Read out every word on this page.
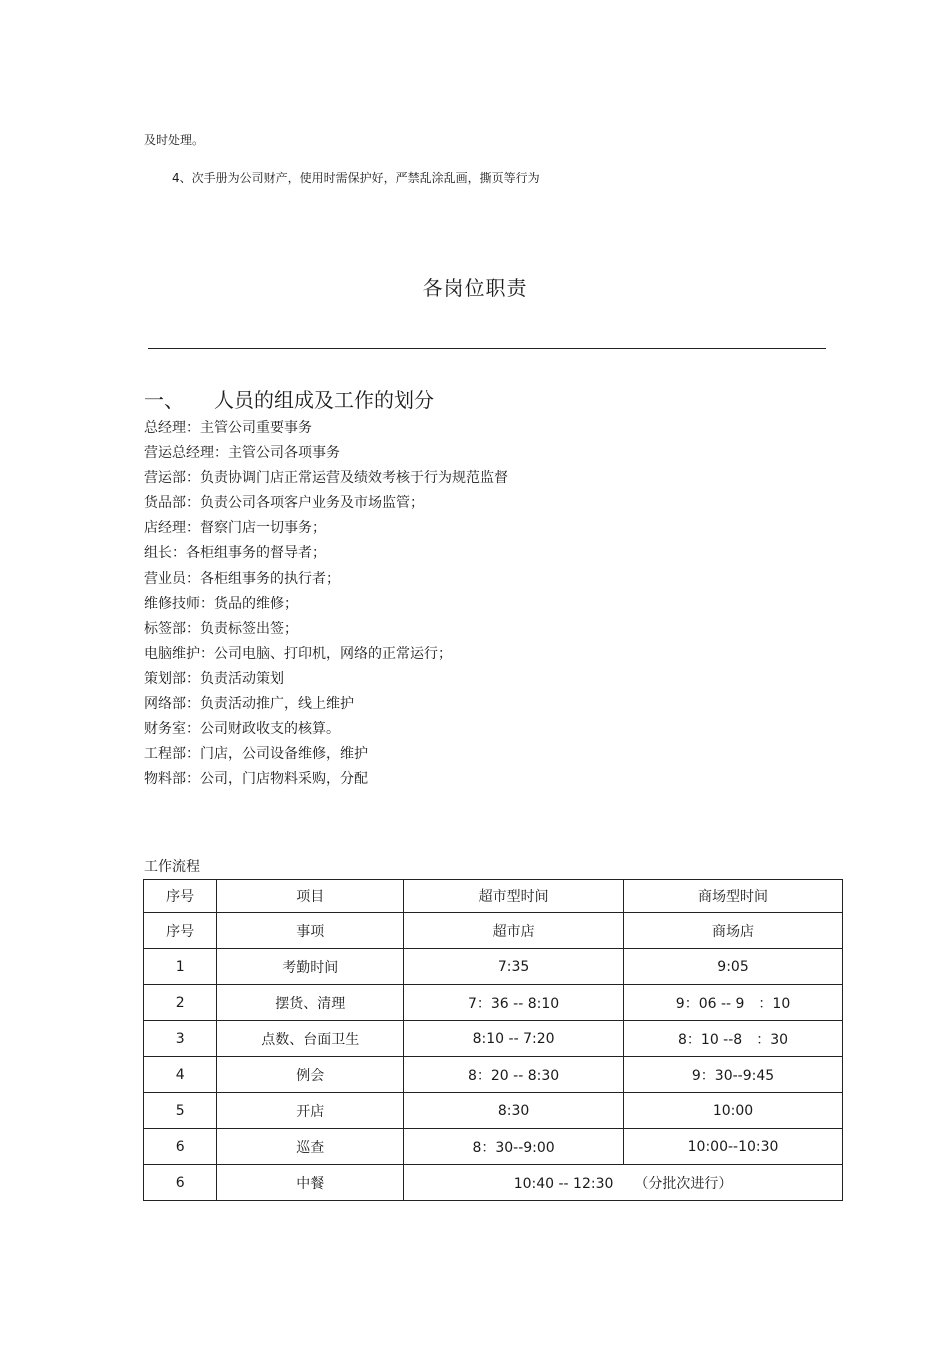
及时处理。
4、次手册为公司财产，使用时需保护好，严禁乱涂乱画，撕页等行为
各岗位职责
一、 人员的组成及工作的划分
总经理：主管公司重要事务
营运总经理：主管公司各项事务
营运部：负责协调门店正常运营及绩效考核于行为规范监督
货品部：负责公司各项客户业务及市场监管；
店经理：督察门店一切事务；
组长：各柜组事务的督导者；
营业员：各柜组事务的执行者；
维修技师：货品的维修；
标签部：负责标签出签；
电脑维护：公司电脑、打印机，网络的正常运行；
策划部：负责活动策划
网络部：负责活动推广，线上维护
财务室：公司财政收支的核算。
工程部：门店，公司设备维修，维护
物料部：公司，门店物料采购，分配
工作流程
序号	项目	超市型时间	商场型时间
序号	事项	超市店	商场店
1	考勤时间	7:35	9:05
2	摆货、清理	7：36 -- 8:10	9：06 -- 9　：10
3	点数、台面卫生	8:10 -- 7:20	8：10 --8　：30
4	例会	8：20 -- 8:30	9：30--9:45
5	开店	8:30	10:00
6	巡查	8：30--9:00	10:00--10:30
6	中餐	10:40 -- 12:30　　（分批次进行）	
